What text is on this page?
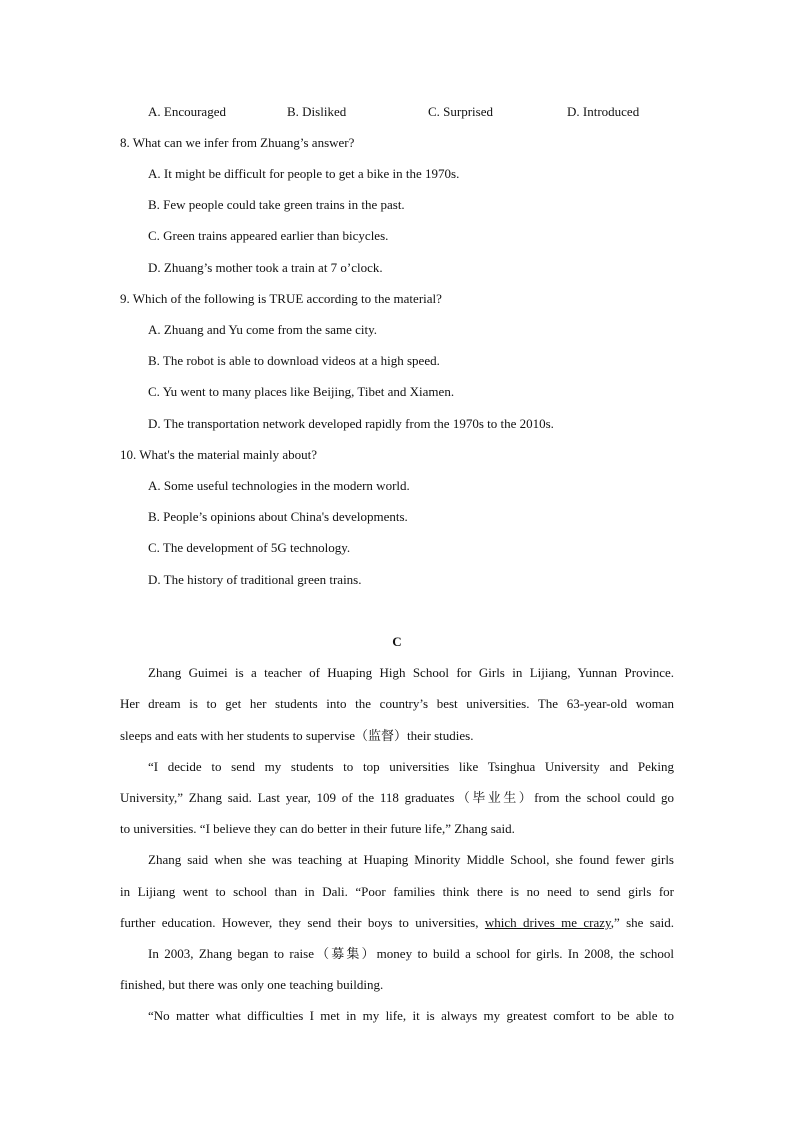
A. Encouraged	B. Disliked	C. Surprised	D. Introduced
8. What can we infer from Zhuang’s answer?
A. It might be difficult for people to get a bike in the 1970s.
B. Few people could take green trains in the past.
C. Green trains appeared earlier than bicycles.
D. Zhuang’s mother took a train at 7 o’clock.
9. Which of the following is TRUE according to the material?
A. Zhuang and Yu come from the same city.
B. The robot is able to download videos at a high speed.
C. Yu went to many places like Beijing, Tibet and Xiamen.
D. The transportation network developed rapidly from the 1970s to the 2010s.
10. What's the material mainly about?
A. Some useful technologies in the modern world.
B. People’s opinions about China's developments.
C. The development of 5G technology.
D. The history of traditional green trains.
C
Zhang Guimei is a teacher of Huaping High School for Girls in Lijiang, Yunnan Province.
Her dream is to get her students into the country’s best universities. The 63-year-old woman
sleeps and eats with her students to supervise（监督）their studies.
“I decide to send my students to top universities like Tsinghua University and Peking
University,” Zhang said. Last year, 109 of the 118 graduates（毕业生）from the school could go
to universities. “I believe they can do better in their future life,” Zhang said.
Zhang said when she was teaching at Huaping Minority Middle School, she found fewer girls
in Lijiang went to school than in Dali. “Poor families think there is no need to send girls for
further education. However, they send their boys to universities, which drives me crazy,” she said.
In 2003, Zhang began to raise（募集）money to build a school for girls. In 2008, the school
finished, but there was only one teaching building.
“No matter what difficulties I met in my life, it is always my greatest comfort to be able to
